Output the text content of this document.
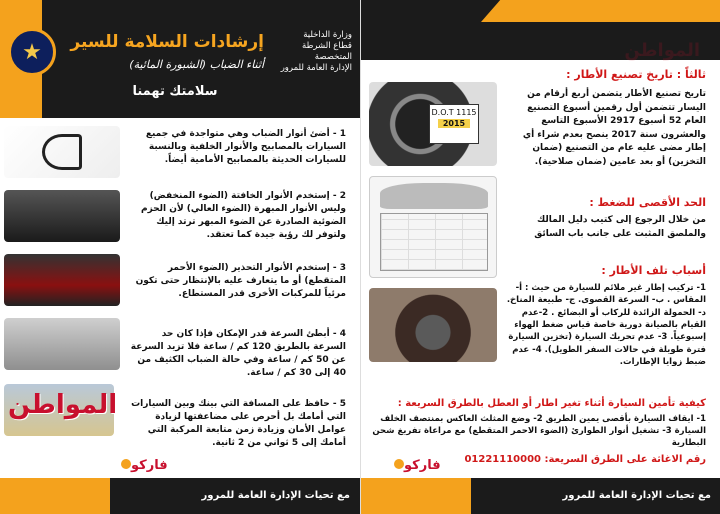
★
وزارة الداخلية
قطاع الشرطة المتخصصة
الإدارة العامة للمرور
إرشادات السلامة للسير
أثناء الضباب (الشبورة المائية)
سلامتك تهمنا
1 - أضئ أنوار الضباب وهي متواجدة في جميع السيارات بالمصابيح والأنوار الخلفية وبالنسبة للسيارات الحديثة بالمصابيح الأمامية أيضاً.
2 - إستخدم الأنوار الخافتة (الضوء المنخفض) وليس الأنوار المبهرة (الضوء العالي) لأن الحزم الضوئية الصادرة عن الضوء المبهر ترتد إليك ولتوفر لك رؤية جيدة كما تعتقد.
3 - إستخدم الأنوار التحذير (الضوء الأحمر المتقطع) أو ما يتعارف عليه بالإنتظار حتى تكون مرئياً للمركبات الأخرى قدر المستطاع.
4 - أبطئ السرعة قدر الإمكان فإذا كان حد السرعة بالطريق 120 كم / ساعة فلا تزيد السرعة عن 50 كم / ساعة وفي حالة الضباب الكثيف من 40 إلى 30 كم / ساعة.
5 - حافظ على المسافة التي بينك وبين السيارات التي أمامك بل أحرص على مضاعفتها لزيادة عوامل الأمان وزيادة زمن متابعة المركبة التي أمامك إلى 5 ثواني من 2 ثانية.
المواطن
فاركو
مع تحيات الإدارة العامة للمرور
ثالثاً : تاريخ تصنيع الأطار :
D.O.T 1115
2015
تاريخ تصنيع الأطار يتضمن أربع أرقام من اليسار تتضمن أول رقمين أسبوع التصنيع العام 52 أسبوع 2917 الأسبوع التاسع والعشرون سنة 2017 ينصح بعدم شراء أي إطار مضى عليه عام من التصنيع (ضمان التخزين) أو بعد عامين (ضمان صلاحية).
الحد الأقصى للضغط :
من خلال الرجوع إلى كتيب دليل المالك والملصق المثبت على جانب باب السائق
أسباب تلف الأطار :
1- تركيب إطار غير ملائم للسيارة من حيث : أ- المقاس . ب- السرعة القصوى. ج- طبيعة المناخ. د- الحمولة الزائدة للركاب أو البضائع . 2-عدم القيام بالصيانة دورية خاصة قياس ضغط الهواء إسبوعياً. 3- عدم تحريك السيارة (تخزين السيارة فترة طويلة في حالات السفر الطويل). 4- عدم ضبط زوايا الإطارات.
كيفية تأمين السيارة أثناء تغير اطار أو العطل بالطرق السريعة :
1- ايقاف السيارة بأقصى يمين الطريق 2- وضع المثلث العاكس بمنتصف الخلف السيارة 3- تشغيل أنوار الطوارئ (الضوء الاحمر المتقطع) مع مراعاة تفريغ شحن البطارية
رقم الاغاثة على الطرق السريعة: 01221110000
المواطن
فاركو
مع تحيات الإدارة العامة للمرور
